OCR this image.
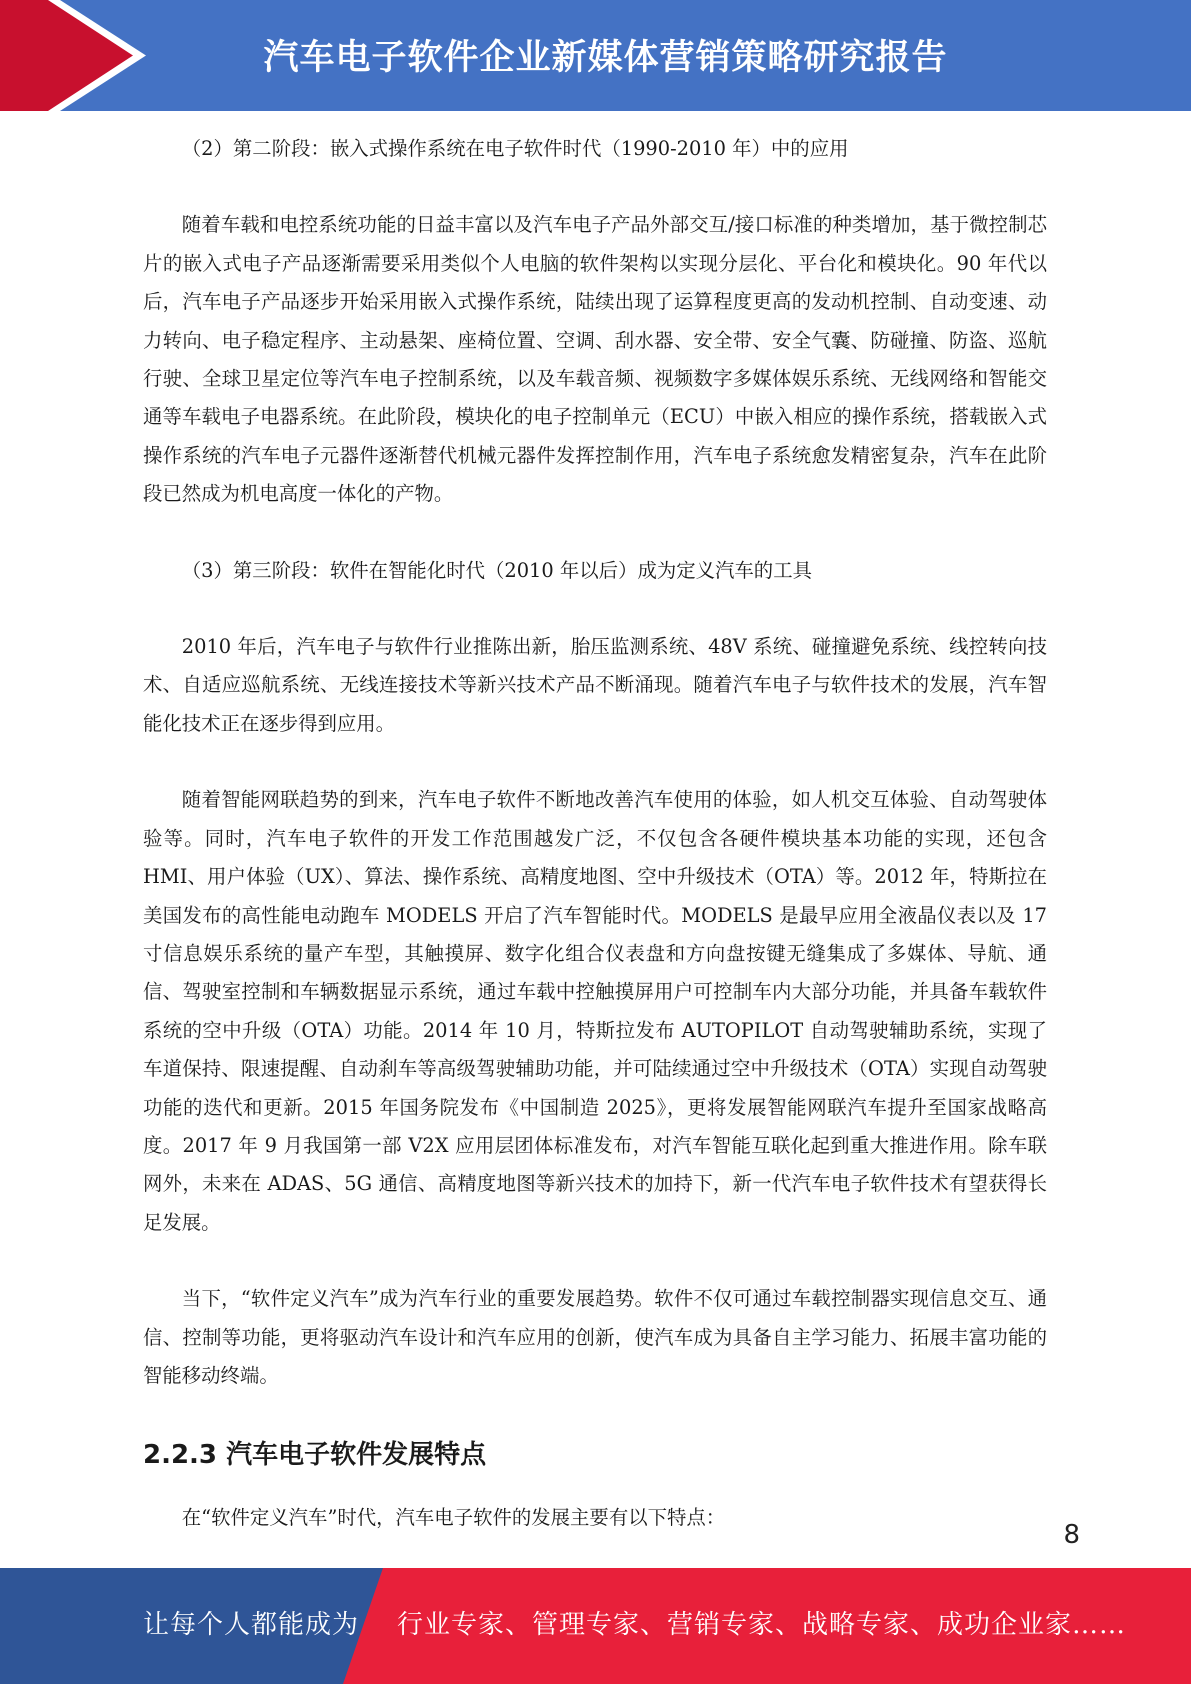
汽车电子软件企业新媒体营销策略研究报告

（2）第二阶段：嵌入式操作系统在电子软件时代（1990-2010 年）中的应用

随着车载和电控系统功能的日益丰富以及汽车电子产品外部交互/接口标准的种类增加，基于微控制芯片的嵌入式电子产品逐渐需要采用类似个人电脑的软件架构以实现分层化、平台化和模块化。90 年代以后，汽车电子产品逐步开始采用嵌入式操作系统，陆续出现了运算程度更高的发动机控制、自动变速、动力转向、电子稳定程序、主动悬架、座椅位置、空调、刮水器、安全带、安全气囊、防碰撞、防盗、巡航行驶、全球卫星定位等汽车电子控制系统，以及车载音频、视频数字多媒体娱乐系统、无线网络和智能交通等车载电子电器系统。在此阶段，模块化的电子控制单元（ECU）中嵌入相应的操作系统，搭载嵌入式操作系统的汽车电子元器件逐渐替代机械元器件发挥控制作用，汽车电子系统愈发精密复杂，汽车在此阶段已然成为机电高度一体化的产物。

（3）第三阶段：软件在智能化时代（2010 年以后）成为定义汽车的工具

2010 年后，汽车电子与软件行业推陈出新，胎压监测系统、48V 系统、碰撞避免系统、线控转向技术、自适应巡航系统、无线连接技术等新兴技术产品不断涌现。随着汽车电子与软件技术的发展，汽车智能化技术正在逐步得到应用。

随着智能网联趋势的到来，汽车电子软件不断地改善汽车使用的体验，如人机交互体验、自动驾驶体验等。同时，汽车电子软件的开发工作范围越发广泛，不仅包含各硬件模块基本功能的实现，还包含 HMI、用户体验（UX）、算法、操作系统、高精度地图、空中升级技术（OTA）等。2012 年，特斯拉在美国发布的高性能电动跑车 MODELS 开启了汽车智能时代。MODELS 是最早应用全液晶仪表以及 17 寸信息娱乐系统的量产车型，其触摸屏、数字化组合仪表盘和方向盘按键无缝集成了多媒体、导航、通信、驾驶室控制和车辆数据显示系统，通过车载中控触摸屏用户可控制车内大部分功能，并具备车载软件系统的空中升级（OTA）功能。2014 年 10 月，特斯拉发布 AUTOPILOT 自动驾驶辅助系统，实现了车道保持、限速提醒、自动刹车等高级驾驶辅助功能，并可陆续通过空中升级技术（OTA）实现自动驾驶功能的迭代和更新。2015 年国务院发布《中国制造 2025》，更将发展智能网联汽车提升至国家战略高度。2017 年 9 月我国第一部 V2X 应用层团体标准发布，对汽车智能互联化起到重大推进作用。除车联网外，未来在 ADAS、5G 通信、高精度地图等新兴技术的加持下，新一代汽车电子软件技术有望获得长足发展。

当下，“软件定义汽车”成为汽车行业的重要发展趋势。软件不仅可通过车载控制器实现信息交互、通信、控制等功能，更将驱动汽车设计和汽车应用的创新，使汽车成为具备自主学习能力、拓展丰富功能的智能移动终端。

2.2.3 汽车电子软件发展特点

在“软件定义汽车”时代，汽车电子软件的发展主要有以下特点：

8
让每个人都能成为 行业专家、管理专家、营销专家、战略专家、成功企业家……
